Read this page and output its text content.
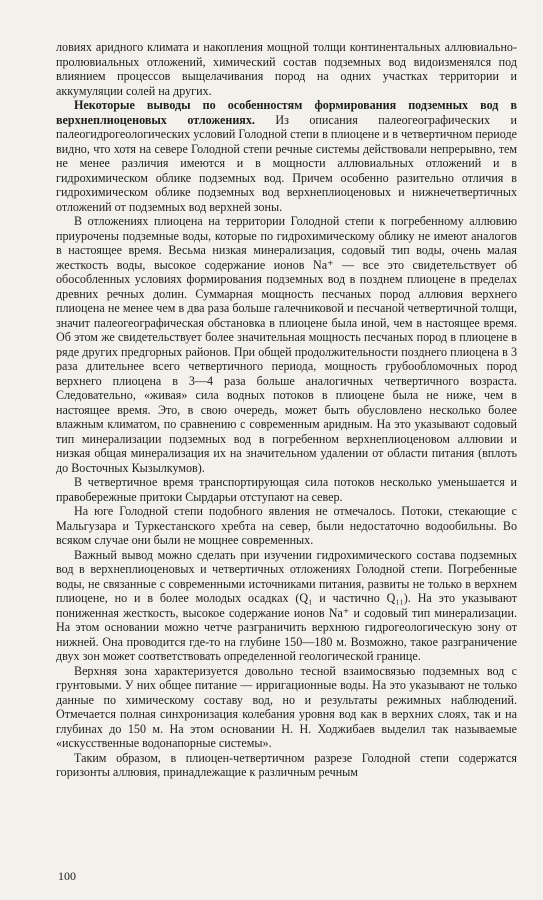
ловиях аридного климата и накопления мощной толщи континентальных аллювиально-пролювиальных отложений, химический состав подземных вод видоизменялся под влиянием процессов выщелачивания пород на одних участках территории и аккумуляции солей на других.

Некоторые выводы по особенностям формирования подземных вод в верхнеплиоценовых отложениях. Из описания палеогеографических и палеогидрогеологических условий Голодной степи в плиоцене и в четвертичном периоде видно, что хотя на севере Голодной степи речные системы действовали непрерывно, тем не менее различия имеются и в мощности аллювиальных отложений и в гидрохимическом облике подземных вод. Причем особенно разительно отличия в гидрохимическом облике подземных вод верхнеплиоценовых и нижнечетвертичных отложений от подземных вод верхней зоны.

В отложениях плиоцена на территории Голодной степи к погребенному аллювию приурочены подземные воды, которые по гидрохимическому облику не имеют аналогов в настоящее время. Весьма низкая минерализация, содовый тип воды, очень малая жесткость воды, высокое содержание ионов Na⁺ — все это свидетельствует об обособленных условиях формирования подземных вод в позднем плиоцене в пределах древних речных долин. Суммарная мощность песчаных пород аллювия верхнего плиоцена не менее чем в два раза больше галечниковой и песчаной четвертичной толщи, значит палеогеографическая обстановка в плиоцене была иной, чем в настоящее время. Об этом же свидетельствует более значительная мощность песчаных пород в плиоцене в ряде других предгорных районов. При общей продолжительности позднего плиоцена в 3 раза длительнее всего четвертичного периода, мощность грубообломочных пород верхнего плиоцена в 3—4 раза больше аналогичных четвертичного возраста. Следовательно, «живая» сила водных потоков в плиоцене была не ниже, чем в настоящее время. Это, в свою очередь, может быть обусловлено несколько более влажным климатом, по сравнению с современным аридным. На это указывают содовый тип минерализации подземных вод в погребенном верхнеплиоценовом аллювии и низкая общая минерализация их на значительном удалении от области питания (вплоть до Восточных Кызылкумов).

В четвертичное время транспортирующая сила потоков несколько уменьшается и правобережные притоки Сырдарьи отступают на север.

На юге Голодной степи подобного явления не отмечалось. Потоки, стекающие с Мальгузара и Туркестанского хребта на север, были недостаточно водообильны. Во всяком случае они были не мощнее современных.

Важный вывод можно сделать при изучении гидрохимического состава подземных вод в верхнеплиоценовых и четвертичных отложениях Голодной степи. Погребенные воды, не связанные с современными источниками питания, развиты не только в верхнем плиоцене, но и в более молодых осадках (Q₁ и частично Q₁₁). На это указывают пониженная жесткость, высокое содержание ионов Na⁺ и содовый тип минерализации. На этом основании можно четче разграничить верхнюю гидрогеологическую зону от нижней. Она проводится где-то на глубине 150—180 м. Возможно, такое разграничение двух зон может соответствовать определенной геологической границе.

Верхняя зона характеризуется довольно тесной взаимосвязью подземных вод с грунтовыми. У них общее питание — ирригационные воды. На это указывают не только данные по химическому составу вод, но и результаты режимных наблюдений. Отмечается полная синхронизация колебания уровня вод как в верхних слоях, так и на глубинах до 150 м. На этом основании Н. Н. Ходжибаев выделил так называемые «искусственные водонапорные системы».

Таким образом, в плиоцен-четвертичном разрезе Голодной степи содержатся горизонты аллювия, принадлежащие к различным речным

100
